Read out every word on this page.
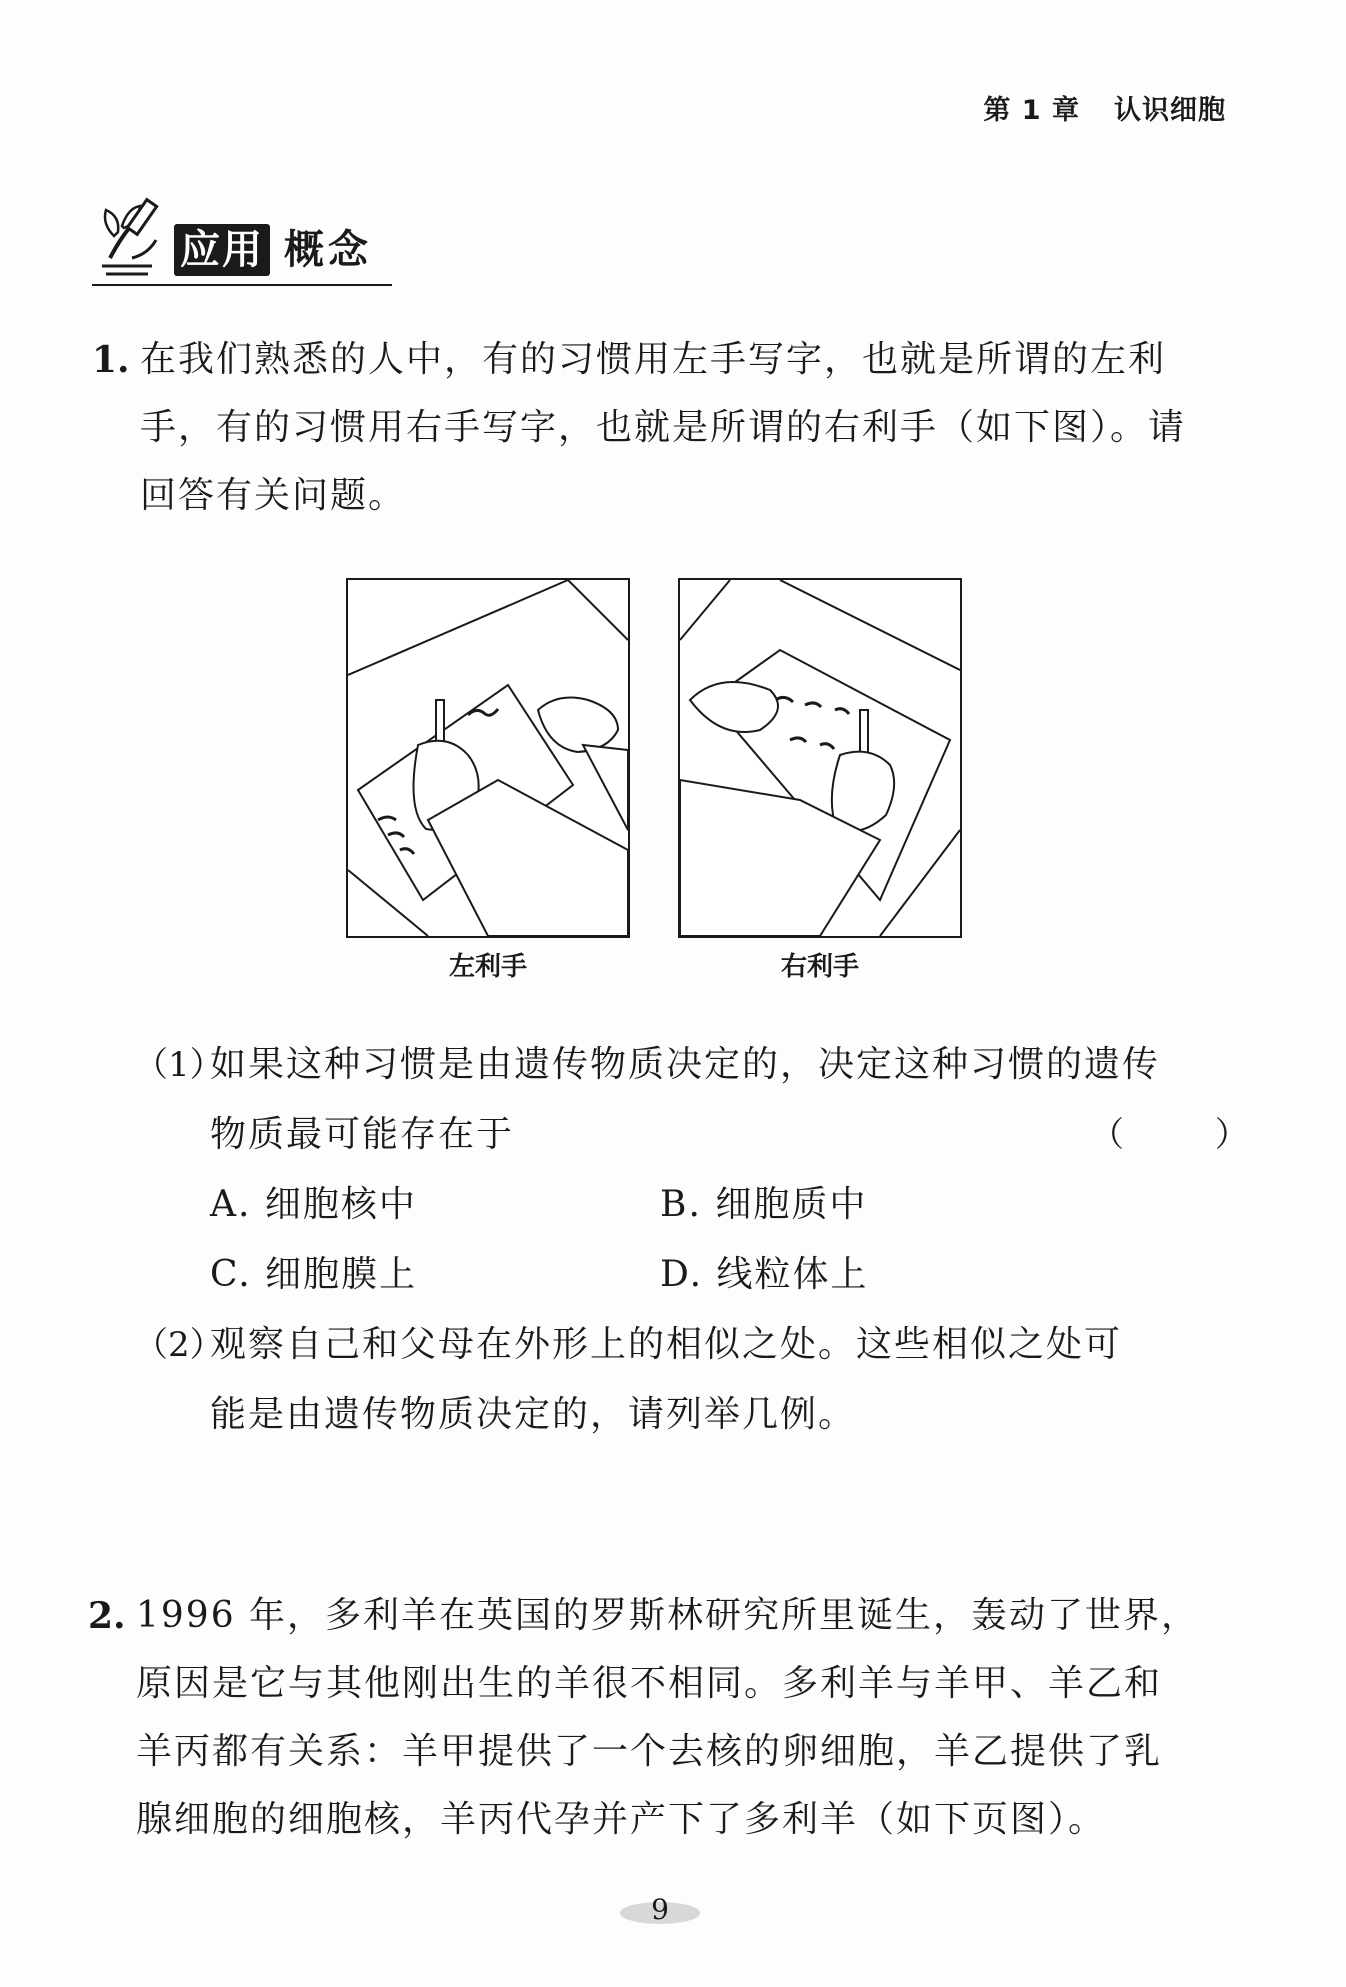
第 1 章 认识细胞
应用 概念
1. 在我们熟悉的人中，有的习惯用左手写字，也就是所谓的左利
手，有的习惯用右手写字，也就是所谓的右利手（如下图）。请
回答有关问题。
左利手	右利手
（1）
如果这种习惯是由遗传物质决定的，决定这种习惯的遗传
物质最可能存在于	（ ）
A. 细胞核中	B. 细胞质中
C. 细胞膜上	D. 线粒体上
（2）
观察自己和父母在外形上的相似之处。这些相似之处可
能是由遗传物质决定的，请列举几例。
2. 1996 年，多利羊在英国的罗斯林研究所里诞生，轰动了世界，
原因是它与其他刚出生的羊很不相同。多利羊与羊甲、羊乙和
羊丙都有关系：羊甲提供了一个去核的卵细胞，羊乙提供了乳
腺细胞的细胞核，羊丙代孕并产下了多利羊（如下页图）。
9
